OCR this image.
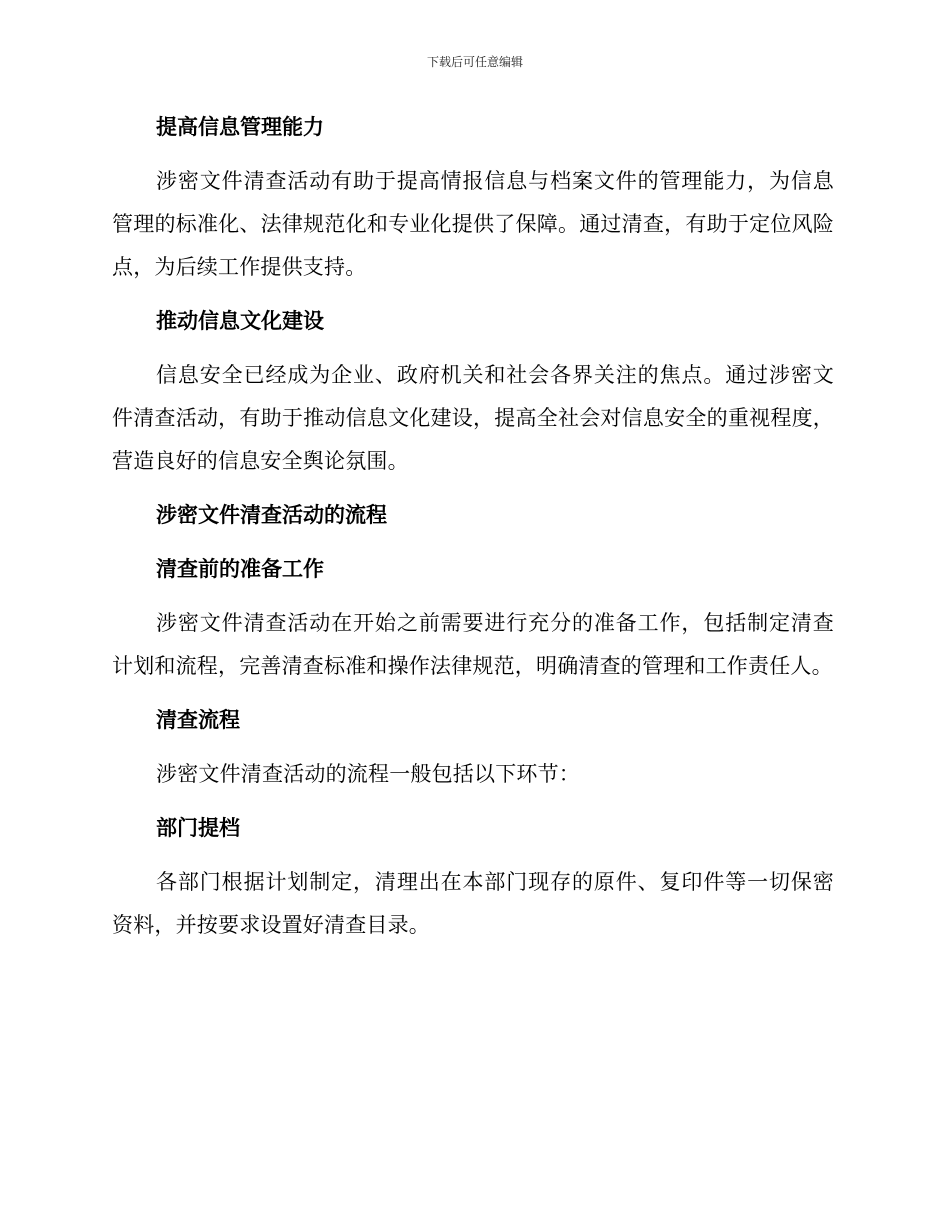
下载后可任意编辑
提高信息管理能力

涉密文件清查活动有助于提高情报信息与档案文件的管理能力，为信息管理的标准化、法律规范化和专业化提供了保障。通过清查，有助于定位风险点，为后续工作提供支持。

推动信息文化建设

信息安全已经成为企业、政府机关和社会各界关注的焦点。通过涉密文件清查活动，有助于推动信息文化建设，提高全社会对信息安全的重视程度，营造良好的信息安全舆论氛围。

涉密文件清查活动的流程
清查前的准备工作

涉密文件清查活动在开始之前需要进行充分的准备工作，包括制定清查计划和流程，完善清查标准和操作法律规范，明确清查的管理和工作责任人。

清查流程

涉密文件清查活动的流程一般包括以下环节：

部门提档

各部门根据计划制定，清理出在本部门现存的原件、复印件等一切保密资料，并按要求设置好清查目录。
